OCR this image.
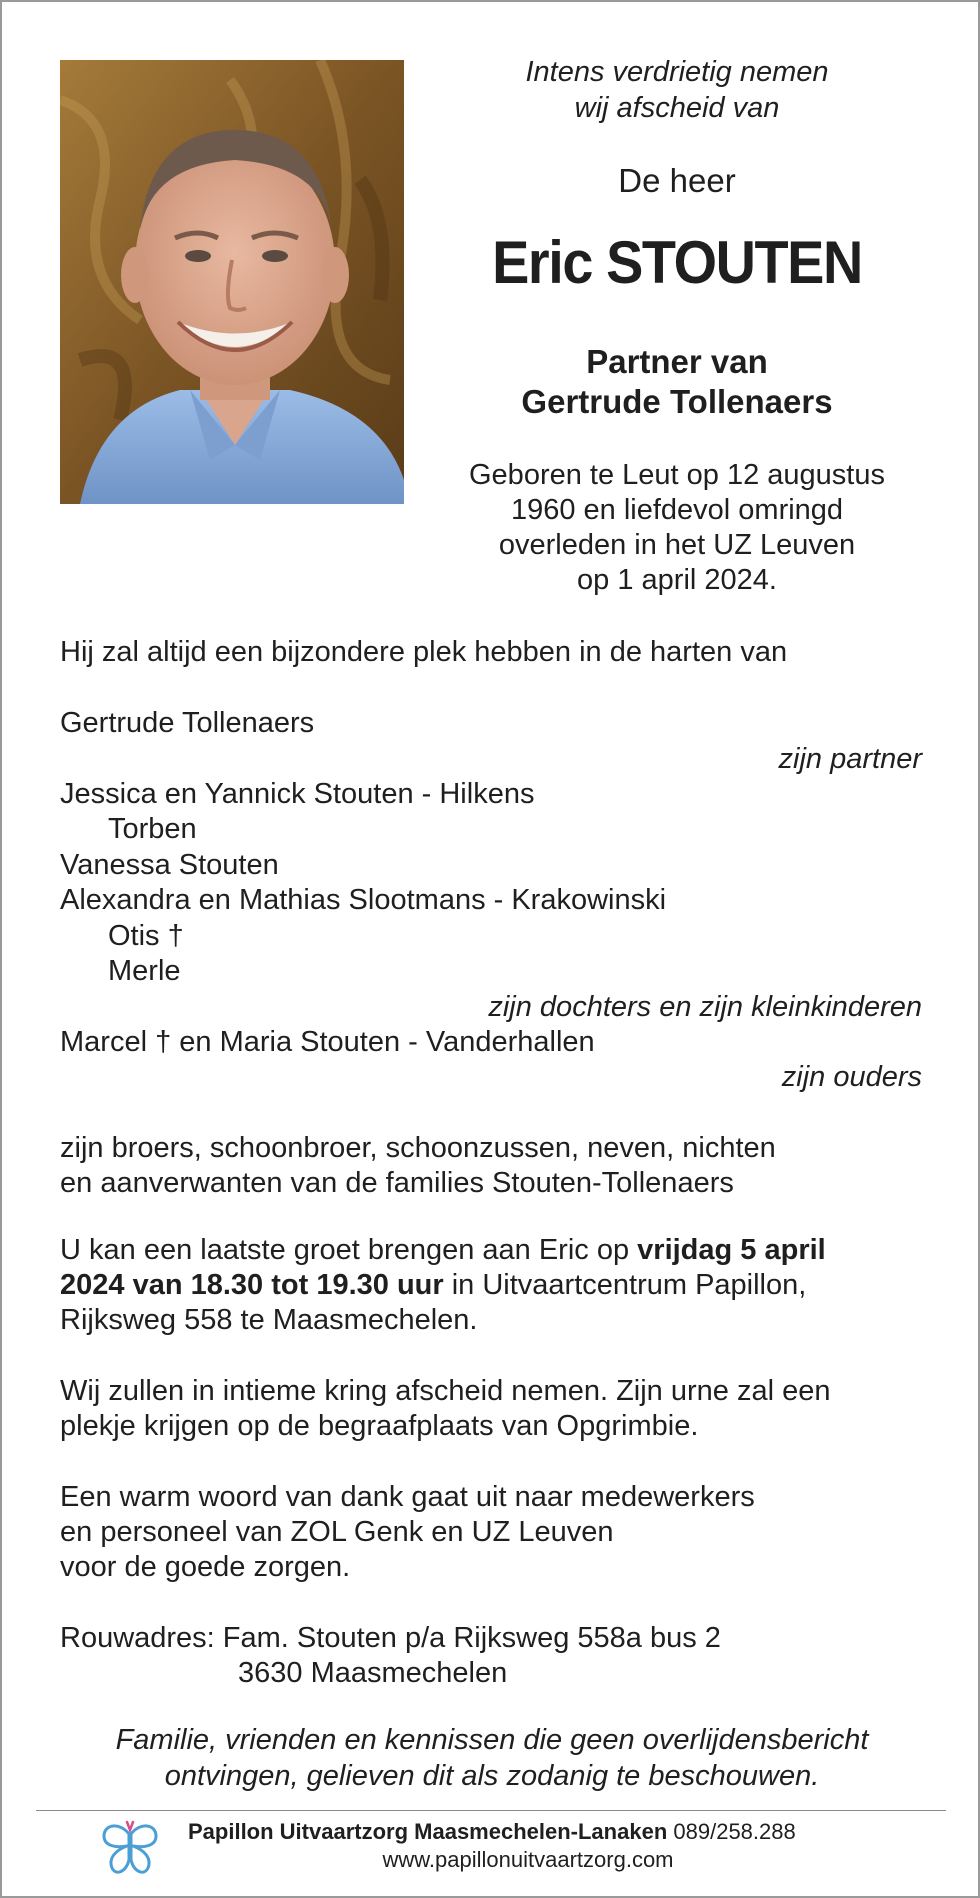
Intens verdrietig nemen
wij afscheid van
De heer
Eric STOUTEN
Partner van
Gertrude Tollenaers
Geboren te Leut op 12 augustus
1960 en liefdevol omringd
overleden in het UZ Leuven
op 1 april 2024.
Hij zal altijd een bijzondere plek hebben in de harten van
Gertrude Tollenaers
zijn partner
Jessica en Yannick Stouten - Hilkens
Torben
Vanessa Stouten
Alexandra en Mathias Slootmans - Krakowinski
Otis †
Merle
zijn dochters en zijn kleinkinderen
Marcel † en Maria Stouten - Vanderhallen
zijn ouders
zijn broers, schoonbroer, schoonzussen, neven, nichten
en aanverwanten van de families Stouten-Tollenaers
U kan een laatste groet brengen aan Eric op vrijdag 5 april
2024 van 18.30 tot 19.30 uur in Uitvaartcentrum Papillon,
Rijksweg 558 te Maasmechelen.
Wij zullen in intieme kring afscheid nemen. Zijn urne zal een
plekje krijgen op de begraafplaats van Opgrimbie.
Een warm woord van dank gaat uit naar medewerkers
en personeel van ZOL Genk en UZ Leuven
voor de goede zorgen.
Rouwadres: Fam. Stouten p/a Rijksweg 558a bus 2
3630 Maasmechelen
Familie, vrienden en kennissen die geen overlijdensbericht
ontvingen, gelieven dit als zodanig te beschouwen.
Papillon Uitvaartzorg Maasmechelen-Lanaken 089/258.288
www.papillonuitvaartzorg.com
